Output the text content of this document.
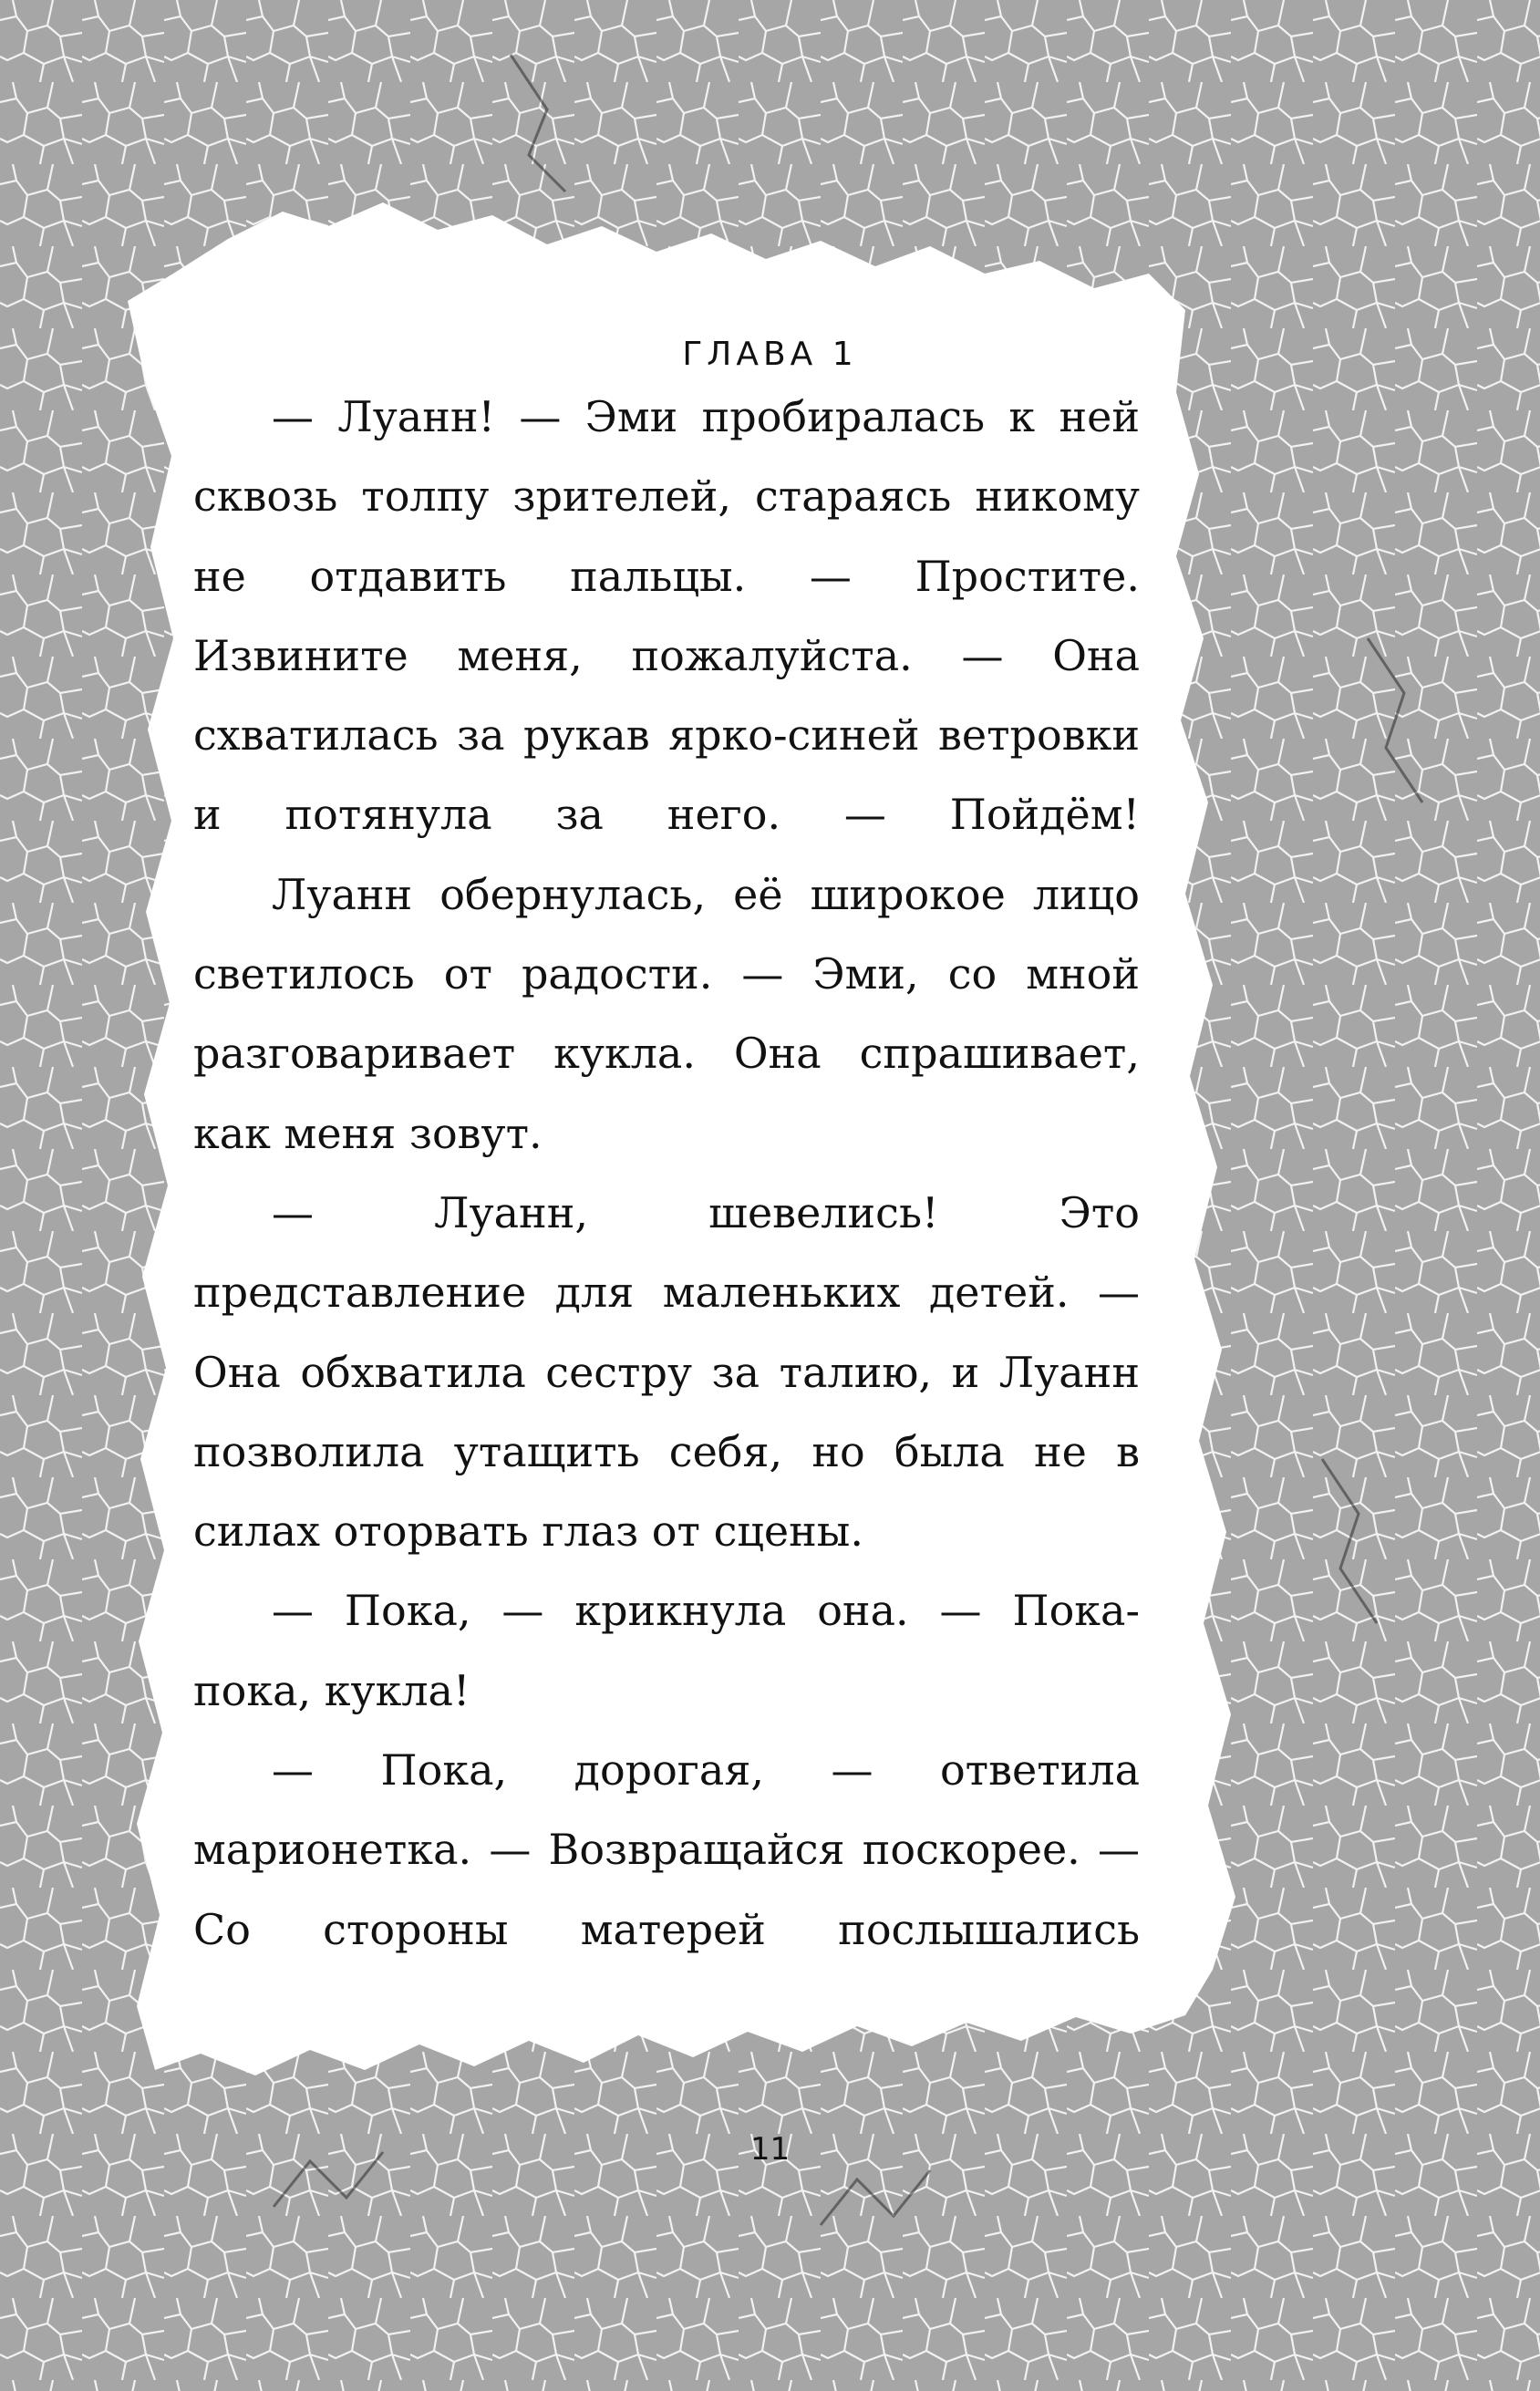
ГЛАВА 1

— Луанн! — Эми пробиралась к ней сквозь толпу зрителей, стараясь никому не отдавить пальцы. — Простите. Извините меня, пожалуйста. — Она схватилась за рукав ярко-синей ветровки и потянула за него. — Пойдём!

Луанн обернулась, её широкое лицо светилось от радости. — Эми, со мной разговаривает кукла. Она спрашивает, как меня зовут.

— Луанн, шевелись! Это представление для маленьких детей. — Она обхватила сестру за талию, и Луанн позволила утащить себя, но была не в силах оторвать глаз от сцены.

— Пока, — крикнула она. — Пока-пока, кукла!

— Пока, дорогая, — ответила марионетка. — Возвращайся поскорее. — Со стороны матерей послышались

11
